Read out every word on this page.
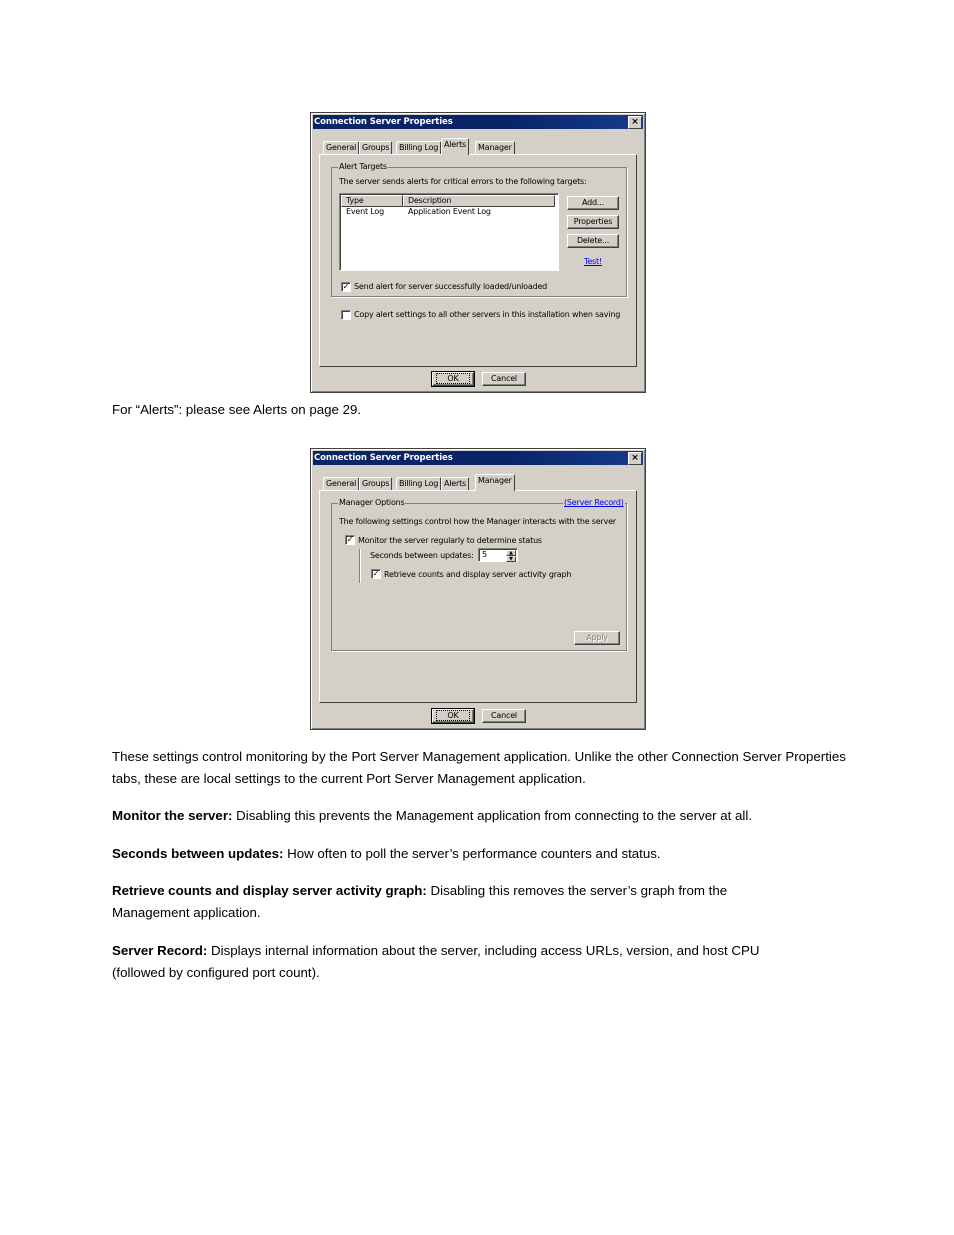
Connection Server Properties	×
General Groups	Billing Log Alerts	Manager
Alert Targets
The server sends alerts for critical errors to the following targets:
Type	Description
Event Log	Application Event Log
Add...
Properties
Delete...
Test!
✓ Send alert for server successfully loaded/unloaded
Copy alert settings to all other servers in this installation when saving
OK	Cancel

For “Alerts”: please see Alerts on page 29.

Connection Server Properties	×
General Groups	Billing Log Alerts	Manager
Manager Options	(Server Record)
The following settings control how the Manager interacts with the server
✓ Monitor the server regularly to determine status
Seconds between updates: 5	▲
▼
✓ Retrieve counts and display server activity graph
Apply
OK	Cancel

These settings control monitoring by the Port Server Management application. Unlike the other Connection Server Properties tabs, these are local settings to the current Port Server Management application.

Monitor the server: Disabling this prevents the Management application from connecting to the server at all.

Seconds between updates: How often to poll the server’s performance counters and status.

Retrieve counts and display server activity graph: Disabling this removes the server’s graph from the Management application.

Server Record: Displays internal information about the server, including access URLs, version, and host CPU (followed by configured port count).
